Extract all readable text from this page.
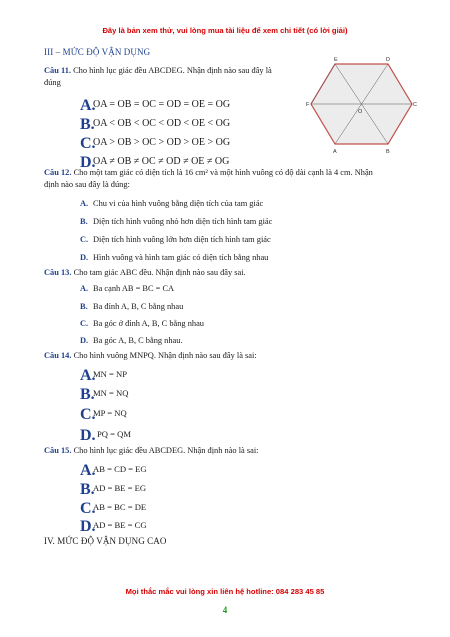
Đây là bản xem thử, vui lòng mua tài liệu để xem chi tiết (có lời giải)
III – MỨC ĐỘ VẬN DỤNG
Câu 11. Cho hình lục giác đều ABCDEG. Nhận định nào sau đây là
đúng
A.OA = OB = OC = OD = OE = OG
B.OA < OB < OC < OD < OE < OG
C.OA > OB > OC > OD > OE > OG
D.OA ≠ OB ≠ OC ≠ OD ≠ OE ≠ OG
E	D
C
B
A
F
O
Câu 12. Cho một tam giác có diện tích là 16 cm² và một hình vuông có độ dài cạnh là 4 cm. Nhận
định nào sau đây là đúng:
A. Chu vi của hình vuông bằng diện tích của tam giác
B. Diện tích hình vuông nhỏ hơn diện tích hình tam giác
C. Diện tích hình vuông lớn hơn diện tích hình tam giác
D. Hình vuông và hình tam giác có diện tích bằng nhau
Câu 13. Cho tam giác ABC đều. Nhận định nào sau đây sai.
A. Ba cạnh AB = BC = CA
B. Ba đỉnh A, B, C bằng nhau
C. Ba góc ở đỉnh A, B, C bằng nhau
D. Ba góc A, B, C bằng nhau.
Câu 14. Cho hình vuông MNPQ. Nhận định nào sau đây là sai:
A.MN = NP
B.MN = NQ
C.MP = NQ
D.PQ = QM
Câu 15. Cho hình lục giác đều ABCDEG. Nhận định nào là sai:
A.AB = CD = EG
B.AD = BE = EG
C.AB = BC = DE
D.AD = BE = CG
IV. MỨC ĐỘ VẬN DỤNG CAO
Mọi thắc mắc vui lòng xin liên hệ hotline: 084 283 45 85
4
